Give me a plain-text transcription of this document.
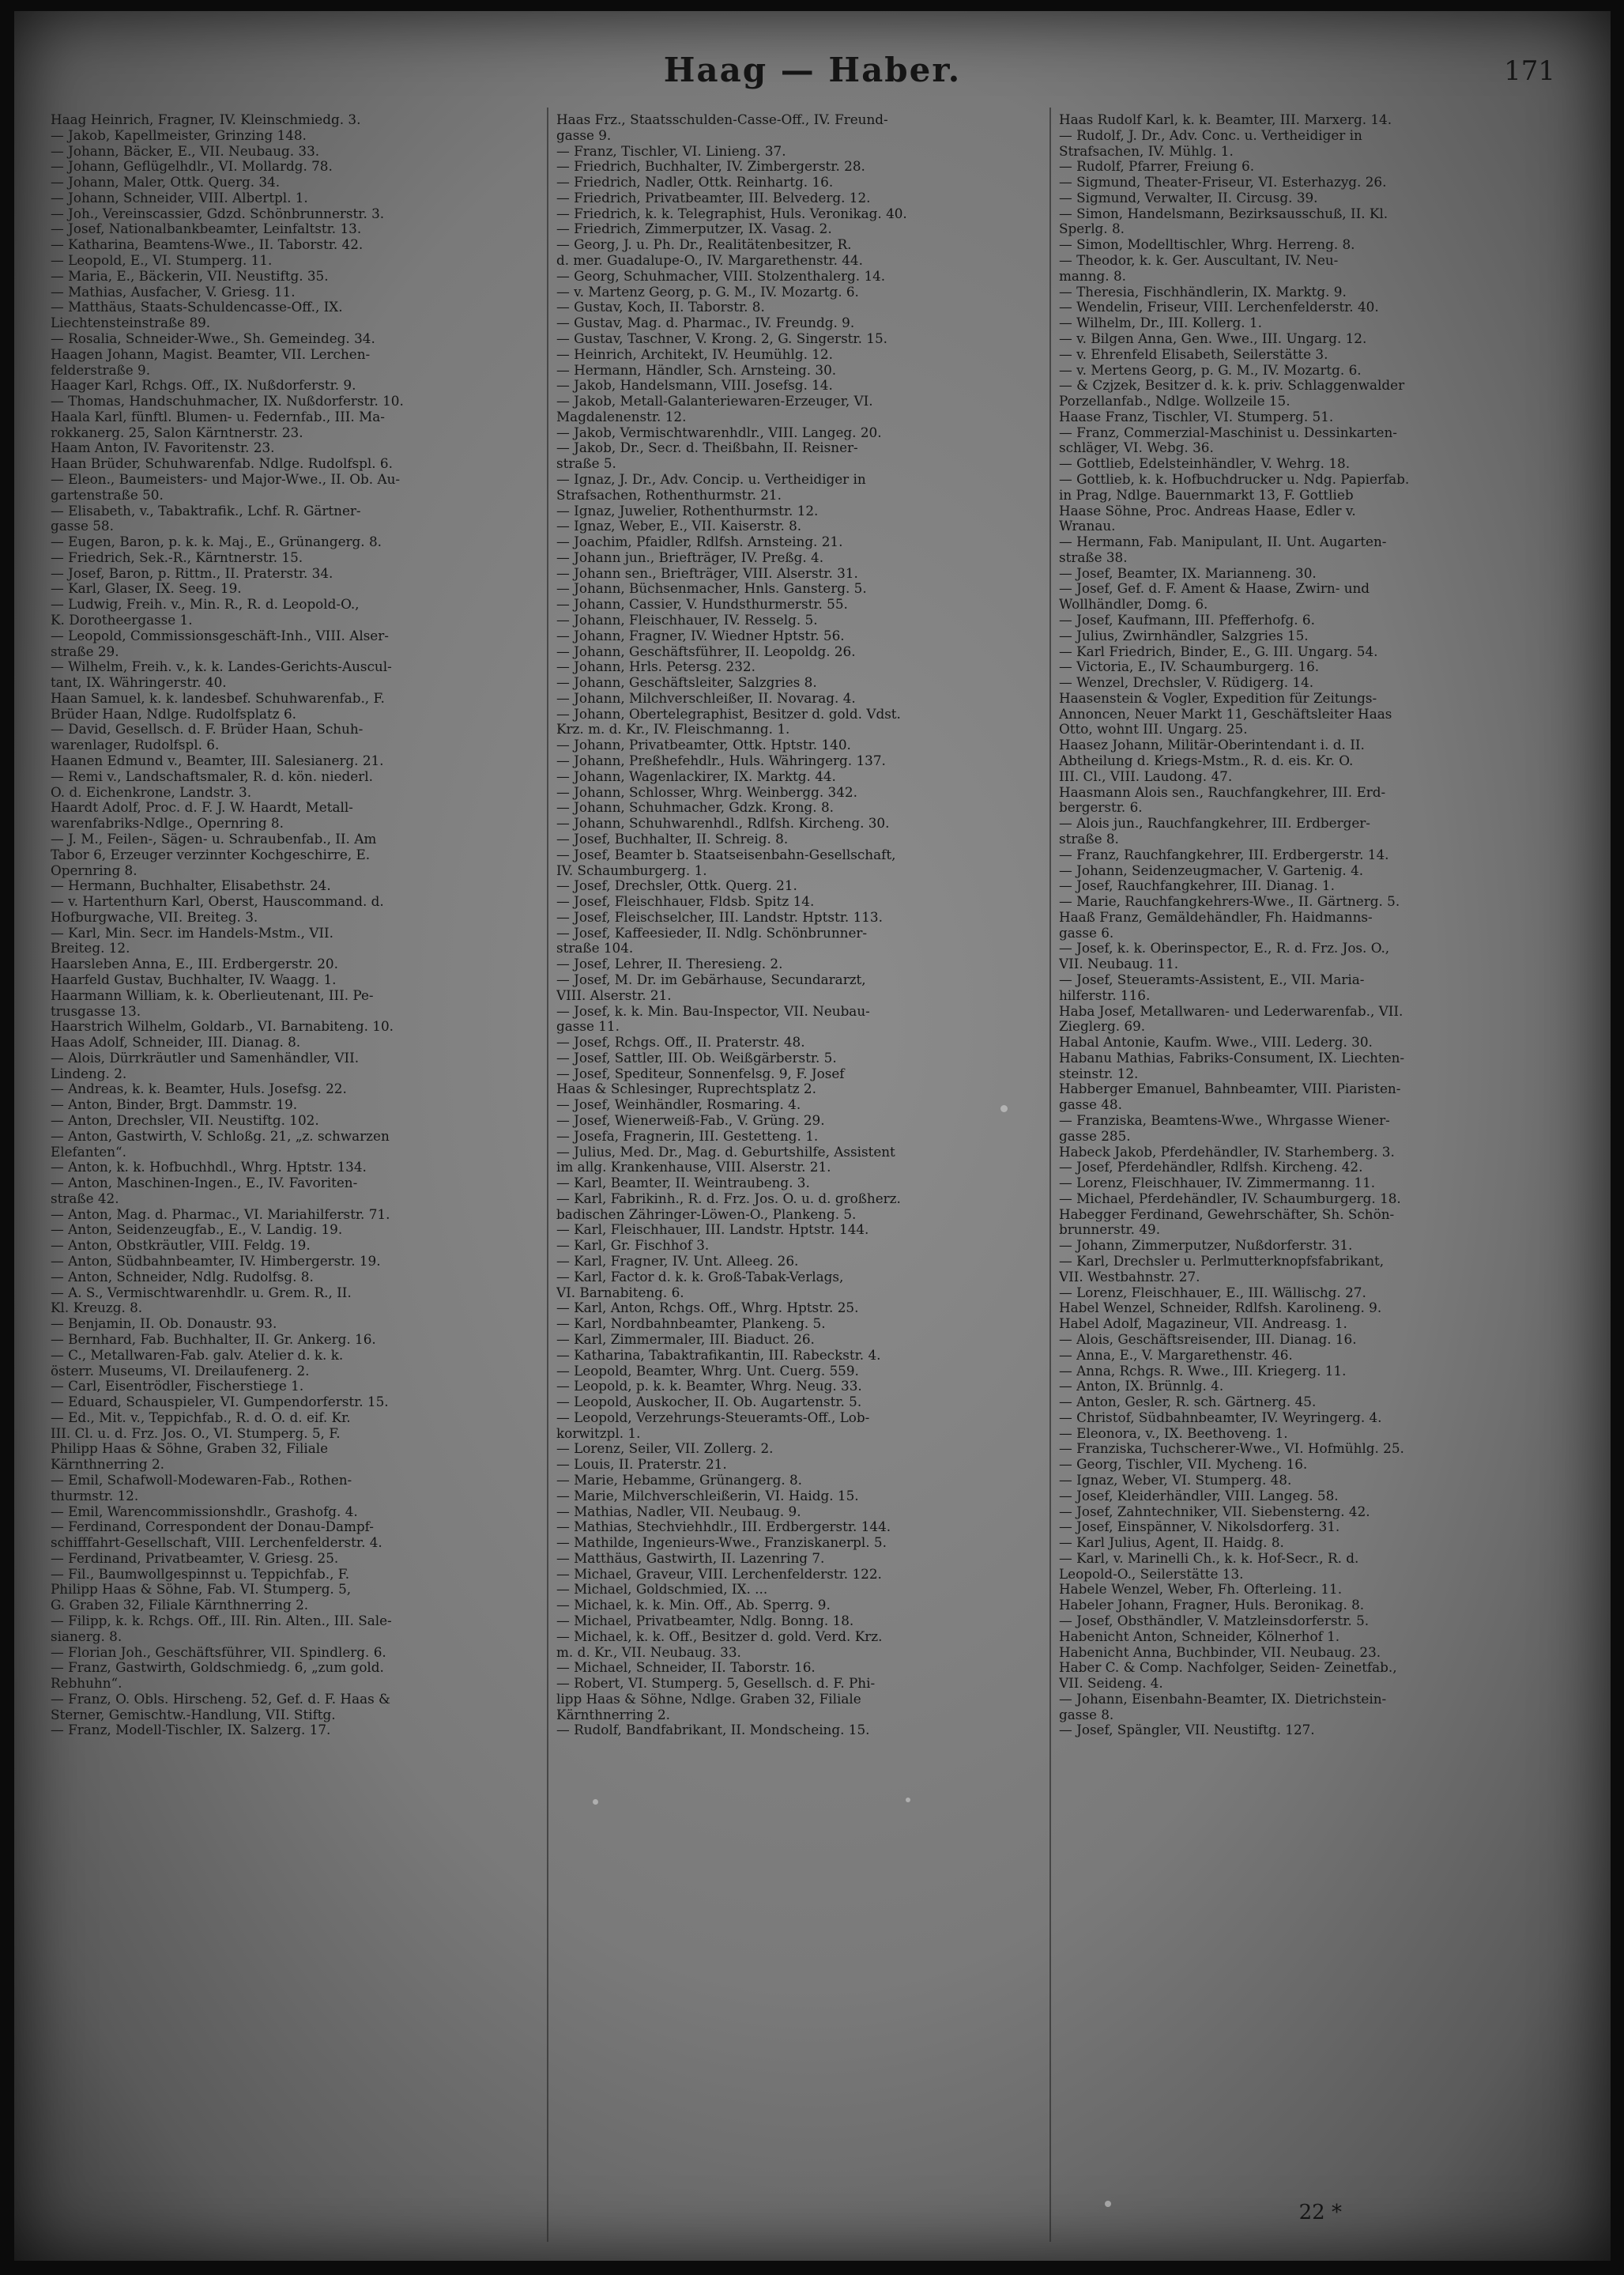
Haag — Haber.	171
Haag Heinrich, Fragner, IV. Kleinschmiedg. 3.
— Jakob, Kapellmeister, Grinzing 148.
— Johann, Bäcker, E., VII. Neubaug. 33.
— Johann, Geflügelhdlr., VI. Mollardg. 78.
— Johann, Maler, Ottk. Querg. 34.
— Johann, Schneider, VIII. Albertpl. 1.
— Joh., Vereinscassier, Gdzd. Schönbrunnerstr. 3.
— Josef, Nationalbankbeamter, Leinfaltstr. 13.
— Katharina, Beamtens-Wwe., II. Taborstr. 42.
— Leopold, E., VI. Stumperg. 11.
— Maria, E., Bäckerin, VII. Neustiftg. 35.
— Mathias, Ausfacher, V. Griesg. 11.
— Matthäus, Staats-Schuldencasse-Off., IX.
Liechtensteinstraße 89.
— Rosalia, Schneider-Wwe., Sh. Gemeindeg. 34.
Haagen Johann, Magist. Beamter, VII. Lerchen-
felderstraße 9.
Haager Karl, Rchgs. Off., IX. Nußdorferstr. 9.
— Thomas, Handschuhmacher, IX. Nußdorferstr. 10.
Haala Karl, fünftl. Blumen- u. Federnfab., III. Ma-
rokkanerg. 25, Salon Kärntnerstr. 23.
Haam Anton, IV. Favoritenstr. 23.
Haan Brüder, Schuhwarenfab. Ndlge. Rudolfspl. 6.
— Eleon., Baumeisters- und Major-Wwe., II. Ob. Au-
gartenstraße 50.
— Elisabeth, v., Tabaktrafik., Lchf. R. Gärtner-
gasse 58.
— Eugen, Baron, p. k. k. Maj., E., Grünangerg. 8.
— Friedrich, Sek.-R., Kärntnerstr. 15.
— Josef, Baron, p. Rittm., II. Praterstr. 34.
— Karl, Glaser, IX. Seeg. 19.
— Ludwig, Freih. v., Min. R., R. d. Leopold-O.,
K. Dorotheergasse 1.
— Leopold, Commissionsgeschäft-Inh., VIII. Alser-
straße 29.
— Wilhelm, Freih. v., k. k. Landes-Gerichts-Auscul-
tant, IX. Währingerstr. 40.
Haan Samuel, k. k. landesbef. Schuhwarenfab., F.
Brüder Haan, Ndlge. Rudolfsplatz 6.
— David, Gesellsch. d. F. Brüder Haan, Schuh-
warenlager, Rudolfspl. 6.
Haanen Edmund v., Beamter, III. Salesianerg. 21.
— Remi v., Landschaftsmaler, R. d. kön. niederl.
O. d. Eichenkrone, Landstr. 3.
Haardt Adolf, Proc. d. F. J. W. Haardt, Metall-
warenfabriks-Ndlge., Opernring 8.
— J. M., Feilen-, Sägen- u. Schraubenfab., II. Am
Tabor 6, Erzeuger verzinnter Kochgeschirre, E.
Opernring 8.
— Hermann, Buchhalter, Elisabethstr. 24.
— v. Hartenthurn Karl, Oberst, Hauscommand. d.
Hofburgwache, VII. Breiteg. 3.
— Karl, Min. Secr. im Handels-Mstm., VII.
Breiteg. 12.
Haarsleben Anna, E., III. Erdbergerstr. 20.
Haarfeld Gustav, Buchhalter, IV. Waagg. 1.
Haarmann William, k. k. Oberlieutenant, III. Pe-
trusgasse 13.
Haarstrich Wilhelm, Goldarb., VI. Barnabiteng. 10.
Haas Adolf, Schneider, III. Dianag. 8.
— Alois, Dürrkräutler und Samenhändler, VII.
Lindeng. 2.
— Andreas, k. k. Beamter, Huls. Josefsg. 22.
— Anton, Binder, Brgt. Dammstr. 19.
— Anton, Drechsler, VII. Neustiftg. 102.
— Anton, Gastwirth, V. Schloßg. 21, „z. schwarzen
Elefanten“.
— Anton, k. k. Hofbuchhdl., Whrg. Hptstr. 134.
— Anton, Maschinen-Ingen., E., IV. Favoriten-
straße 42.
— Anton, Mag. d. Pharmac., VI. Mariahilferstr. 71.
— Anton, Seidenzeugfab., E., V. Landig. 19.
— Anton, Obstkräutler, VIII. Feldg. 19.
— Anton, Südbahnbeamter, IV. Himbergerstr. 19.
— Anton, Schneider, Ndlg. Rudolfsg. 8.
— A. S., Vermischtwarenhdlr. u. Grem. R., II.
Kl. Kreuzg. 8.
— Benjamin, II. Ob. Donaustr. 93.
— Bernhard, Fab. Buchhalter, II. Gr. Ankerg. 16.
— C., Metallwaren-Fab. galv. Atelier d. k. k.
österr. Museums, VI. Dreilaufenerg. 2.
— Carl, Eisentrödler, Fischerstiege 1.
— Eduard, Schauspieler, VI. Gumpendorferstr. 15.
— Ed., Mit. v., Teppichfab., R. d. O. d. eif. Kr.
III. Cl. u. d. Frz. Jos. O., VI. Stumperg. 5, F.
Philipp Haas & Söhne, Graben 32, Filiale
Kärnthnerring 2.
— Emil, Schafwoll-Modewaren-Fab., Rothen-
thurmstr. 12.
— Emil, Warencommissionshdlr., Grashofg. 4.
— Ferdinand, Correspondent der Donau-Dampf-
schifffahrt-Gesellschaft, VIII. Lerchenfelderstr. 4.
— Ferdinand, Privatbeamter, V. Griesg. 25.
— Fil., Baumwollgespinnst u. Teppichfab., F.
Philipp Haas & Söhne, Fab. VI. Stumperg. 5,
G. Graben 32, Filiale Kärnthnerring 2.
— Filipp, k. k. Rchgs. Off., III. Rin. Alten., III. Sale-
sianerg. 8.
— Florian Joh., Geschäftsführer, VII. Spindlerg. 6.
— Franz, Gastwirth, Goldschmiedg. 6, „zum gold.
Rebhuhn“.
— Franz, O. Obls. Hirscheng. 52, Gef. d. F. Haas &
Sterner, Gemischtw.-Handlung, VII. Stiftg.
— Franz, Modell-Tischler, IX. Salzerg. 17.
Haas Frz., Staatsschulden-Casse-Off., IV. Freund-
gasse 9.
— Franz, Tischler, VI. Linieng. 37.
— Friedrich, Buchhalter, IV. Zimbergerstr. 28.
— Friedrich, Nadler, Ottk. Reinhartg. 16.
— Friedrich, Privatbeamter, III. Belvederg. 12.
— Friedrich, k. k. Telegraphist, Huls. Veronikag. 40.
— Friedrich, Zimmerputzer, IX. Vasag. 2.
— Georg, J. u. Ph. Dr., Realitätenbesitzer, R.
d. mer. Guadalupe-O., IV. Margarethenstr. 44.
— Georg, Schuhmacher, VIII. Stolzenthalerg. 14.
— v. Martenz Georg, p. G. M., IV. Mozartg. 6.
— Gustav, Koch, II. Taborstr. 8.
— Gustav, Mag. d. Pharmac., IV. Freundg. 9.
— Gustav, Taschner, V. Krong. 2, G. Singerstr. 15.
— Heinrich, Architekt, IV. Heumühlg. 12.
— Hermann, Händler, Sch. Arnsteing. 30.
— Jakob, Handelsmann, VIII. Josefsg. 14.
— Jakob, Metall-Galanteriewaren-Erzeuger, VI.
Magdalenenstr. 12.
— Jakob, Vermischtwarenhdlr., VIII. Langeg. 20.
— Jakob, Dr., Secr. d. Theißbahn, II. Reisner-
straße 5.
— Ignaz, J. Dr., Adv. Concip. u. Vertheidiger in
Strafsachen, Rothenthurmstr. 21.
— Ignaz, Juwelier, Rothenthurmstr. 12.
— Ignaz, Weber, E., VII. Kaiserstr. 8.
— Joachim, Pfaidler, Rdlfsh. Arnsteing. 21.
— Johann jun., Briefträger, IV. Preßg. 4.
— Johann sen., Briefträger, VIII. Alserstr. 31.
— Johann, Büchsenmacher, Hnls. Gansterg. 5.
— Johann, Cassier, V. Hundsthurmerstr. 55.
— Johann, Fleischhauer, IV. Resselg. 5.
— Johann, Fragner, IV. Wiedner Hptstr. 56.
— Johann, Geschäftsführer, II. Leopoldg. 26.
— Johann, Hrls. Petersg. 232.
— Johann, Geschäftsleiter, Salzgries 8.
— Johann, Milchverschleißer, II. Novarag. 4.
— Johann, Obertelegraphist, Besitzer d. gold. Vdst.
Krz. m. d. Kr., IV. Fleischmanng. 1.
— Johann, Privatbeamter, Ottk. Hptstr. 140.
— Johann, Preßhefehdlr., Huls. Währingerg. 137.
— Johann, Wagenlackirer, IX. Marktg. 44.
— Johann, Schlosser, Whrg. Weinbergg. 342.
— Johann, Schuhmacher, Gdzk. Krong. 8.
— Johann, Schuhwarenhdl., Rdlfsh. Kircheng. 30.
— Josef, Buchhalter, II. Schreig. 8.
— Josef, Beamter b. Staatseisenbahn-Gesellschaft,
IV. Schaumburgerg. 1.
— Josef, Drechsler, Ottk. Querg. 21.
— Josef, Fleischhauer, Fldsb. Spitz 14.
— Josef, Fleischselcher, III. Landstr. Hptstr. 113.
— Josef, Kaffeesieder, II. Ndlg. Schönbrunner-
straße 104.
— Josef, Lehrer, II. Theresieng. 2.
— Josef, M. Dr. im Gebärhause, Secundararzt,
VIII. Alserstr. 21.
— Josef, k. k. Min. Bau-Inspector, VII. Neubau-
gasse 11.
— Josef, Rchgs. Off., II. Praterstr. 48.
— Josef, Sattler, III. Ob. Weißgärberstr. 5.
— Josef, Spediteur, Sonnenfelsg. 9, F. Josef
Haas & Schlesinger, Ruprechtsplatz 2.
— Josef, Weinhändler, Rosmaring. 4.
— Josef, Wienerweiß-Fab., V. Grüng. 29.
— Josefa, Fragnerin, III. Gestetteng. 1.
— Julius, Med. Dr., Mag. d. Geburtshilfe, Assistent
im allg. Krankenhause, VIII. Alserstr. 21.
— Karl, Beamter, II. Weintraubeng. 3.
— Karl, Fabrikinh., R. d. Frz. Jos. O. u. d. großherz.
badischen Zähringer-Löwen-O., Plankeng. 5.
— Karl, Fleischhauer, III. Landstr. Hptstr. 144.
— Karl, Gr. Fischhof 3.
— Karl, Fragner, IV. Unt. Alleeg. 26.
— Karl, Factor d. k. k. Groß-Tabak-Verlags,
VI. Barnabiteng. 6.
— Karl, Anton, Rchgs. Off., Whrg. Hptstr. 25.
— Karl, Nordbahnbeamter, Plankeng. 5.
— Karl, Zimmermaler, III. Biaduct. 26.
— Katharina, Tabaktrafikantin, III. Rabeckstr. 4.
— Leopold, Beamter, Whrg. Unt. Cuerg. 559.
— Leopold, p. k. k. Beamter, Whrg. Neug. 33.
— Leopold, Auskocher, II. Ob. Augartenstr. 5.
— Leopold, Verzehrungs-Steueramts-Off., Lob-
korwitzpl. 1.
— Lorenz, Seiler, VII. Zollerg. 2.
— Louis, II. Praterstr. 21.
— Marie, Hebamme, Grünangerg. 8.
— Marie, Milchverschleißerin, VI. Haidg. 15.
— Mathias, Nadler, VII. Neubaug. 9.
— Mathias, Stechviehhdlr., III. Erdbergerstr. 144.
— Mathilde, Ingenieurs-Wwe., Franziskanerpl. 5.
— Matthäus, Gastwirth, II. Lazenring 7.
— Michael, Graveur, VIII. Lerchenfelderstr. 122.
— Michael, Goldschmied, IX. ...
— Michael, k. k. Min. Off., Ab. Sperrg. 9.
— Michael, Privatbeamter, Ndlg. Bonng. 18.
— Michael, k. k. Off., Besitzer d. gold. Verd. Krz.
m. d. Kr., VII. Neubaug. 33.
— Michael, Schneider, II. Taborstr. 16.
— Robert, VI. Stumperg. 5, Gesellsch. d. F. Phi-
lipp Haas & Söhne, Ndlge. Graben 32, Filiale
Kärnthnerring 2.
— Rudolf, Bandfabrikant, II. Mondscheing. 15.
Haas Rudolf Karl, k. k. Beamter, III. Marxerg. 14.
— Rudolf, J. Dr., Adv. Conc. u. Vertheidiger in
Strafsachen, IV. Mühlg. 1.
— Rudolf, Pfarrer, Freiung 6.
— Sigmund, Theater-Friseur, VI. Esterhazyg. 26.
— Sigmund, Verwalter, II. Circusg. 39.
— Simon, Handelsmann, Bezirksausschuß, II. Kl.
Sperlg. 8.
— Simon, Modelltischler, Whrg. Herreng. 8.
— Theodor, k. k. Ger. Auscultant, IV. Neu-
manng. 8.
— Theresia, Fischhändlerin, IX. Marktg. 9.
— Wendelin, Friseur, VIII. Lerchenfelderstr. 40.
— Wilhelm, Dr., III. Kollerg. 1.
— v. Bilgen Anna, Gen. Wwe., III. Ungarg. 12.
— v. Ehrenfeld Elisabeth, Seilerstätte 3.
— v. Mertens Georg, p. G. M., IV. Mozartg. 6.
— & Czjzek, Besitzer d. k. k. priv. Schlaggenwalder
Porzellanfab., Ndlge. Wollzeile 15.
Haase Franz, Tischler, VI. Stumperg. 51.
— Franz, Commerzial-Maschinist u. Dessinkarten-
schläger, VI. Webg. 36.
— Gottlieb, Edelsteinhändler, V. Wehrg. 18.
— Gottlieb, k. k. Hofbuchdrucker u. Ndg. Papierfab.
in Prag, Ndlge. Bauernmarkt 13, F. Gottlieb
Haase Söhne, Proc. Andreas Haase, Edler v.
Wranau.
— Hermann, Fab. Manipulant, II. Unt. Augarten-
straße 38.
— Josef, Beamter, IX. Marianneng. 30.
— Josef, Gef. d. F. Ament & Haase, Zwirn- und
Wollhändler, Domg. 6.
— Josef, Kaufmann, III. Pfefferhofg. 6.
— Julius, Zwirnhändler, Salzgries 15.
— Karl Friedrich, Binder, E., G. III. Ungarg. 54.
— Victoria, E., IV. Schaumburgerg. 16.
— Wenzel, Drechsler, V. Rüdigerg. 14.
Haasenstein & Vogler, Expedition für Zeitungs-
Annoncen, Neuer Markt 11, Geschäftsleiter Haas
Otto, wohnt III. Ungarg. 25.
Haasez Johann, Militär-Oberintendant i. d. II.
Abtheilung d. Kriegs-Mstm., R. d. eis. Kr. O.
III. Cl., VIII. Laudong. 47.
Haasmann Alois sen., Rauchfangkehrer, III. Erd-
bergerstr. 6.
— Alois jun., Rauchfangkehrer, III. Erdberger-
straße 8.
— Franz, Rauchfangkehrer, III. Erdbergerstr. 14.
— Johann, Seidenzeugmacher, V. Gartenig. 4.
— Josef, Rauchfangkehrer, III. Dianag. 1.
— Marie, Rauchfangkehrers-Wwe., II. Gärtnerg. 5.
Haaß Franz, Gemäldehändler, Fh. Haidmanns-
gasse 6.
— Josef, k. k. Oberinspector, E., R. d. Frz. Jos. O.,
VII. Neubaug. 11.
— Josef, Steueramts-Assistent, E., VII. Maria-
hilferstr. 116.
Haba Josef, Metallwaren- und Lederwarenfab., VII.
Zieglerg. 69.
Habal Antonie, Kaufm. Wwe., VIII. Lederg. 30.
Habanu Mathias, Fabriks-Consument, IX. Liechten-
steinstr. 12.
Habberger Emanuel, Bahnbeamter, VIII. Piaristen-
gasse 48.
— Franziska, Beamtens-Wwe., Whrgasse Wiener-
gasse 285.
Habeck Jakob, Pferdehändler, IV. Starhemberg. 3.
— Josef, Pferdehändler, Rdlfsh. Kircheng. 42.
— Lorenz, Fleischhauer, IV. Zimmermanng. 11.
— Michael, Pferdehändler, IV. Schaumburgerg. 18.
Habegger Ferdinand, Gewehrschäfter, Sh. Schön-
brunnerstr. 49.
— Johann, Zimmerputzer, Nußdorferstr. 31.
— Karl, Drechsler u. Perlmutterknopfsfabrikant,
VII. Westbahnstr. 27.
— Lorenz, Fleischhauer, E., III. Wällischg. 27.
Habel Wenzel, Schneider, Rdlfsh. Karolineng. 9.
Habel Adolf, Magazineur, VII. Andreasg. 1.
— Alois, Geschäftsreisender, III. Dianag. 16.
— Anna, E., V. Margarethenstr. 46.
— Anna, Rchgs. R. Wwe., III. Kriegerg. 11.
— Anton, IX. Brünnlg. 4.
— Anton, Gesler, R. sch. Gärtnerg. 45.
— Christof, Südbahnbeamter, IV. Weyringerg. 4.
— Eleonora, v., IX. Beethoveng. 1.
— Franziska, Tuchscherer-Wwe., VI. Hofmühlg. 25.
— Georg, Tischler, VII. Mycheng. 16.
— Ignaz, Weber, VI. Stumperg. 48.
— Josef, Kleiderhändler, VIII. Langeg. 58.
— Josef, Zahntechniker, VII. Siebensterng. 42.
— Josef, Einspänner, V. Nikolsdorferg. 31.
— Karl Julius, Agent, II. Haidg. 8.
— Karl, v. Marinelli Ch., k. k. Hof-Secr., R. d.
Leopold-O., Seilerstätte 13.
Habele Wenzel, Weber, Fh. Ofterleing. 11.
Habeler Johann, Fragner, Huls. Beronikag. 8.
— Josef, Obsthändler, V. Matzleinsdorferstr. 5.
Habenicht Anton, Schneider, Kölnerhof 1.
Habenicht Anna, Buchbinder, VII. Neubaug. 23.
Haber C. & Comp. Nachfolger, Seiden- Zeinetfab.,
VII. Seideng. 4.
— Johann, Eisenbahn-Beamter, IX. Dietrichstein-
gasse 8.
— Josef, Spängler, VII. Neustiftg. 127.
22 *
